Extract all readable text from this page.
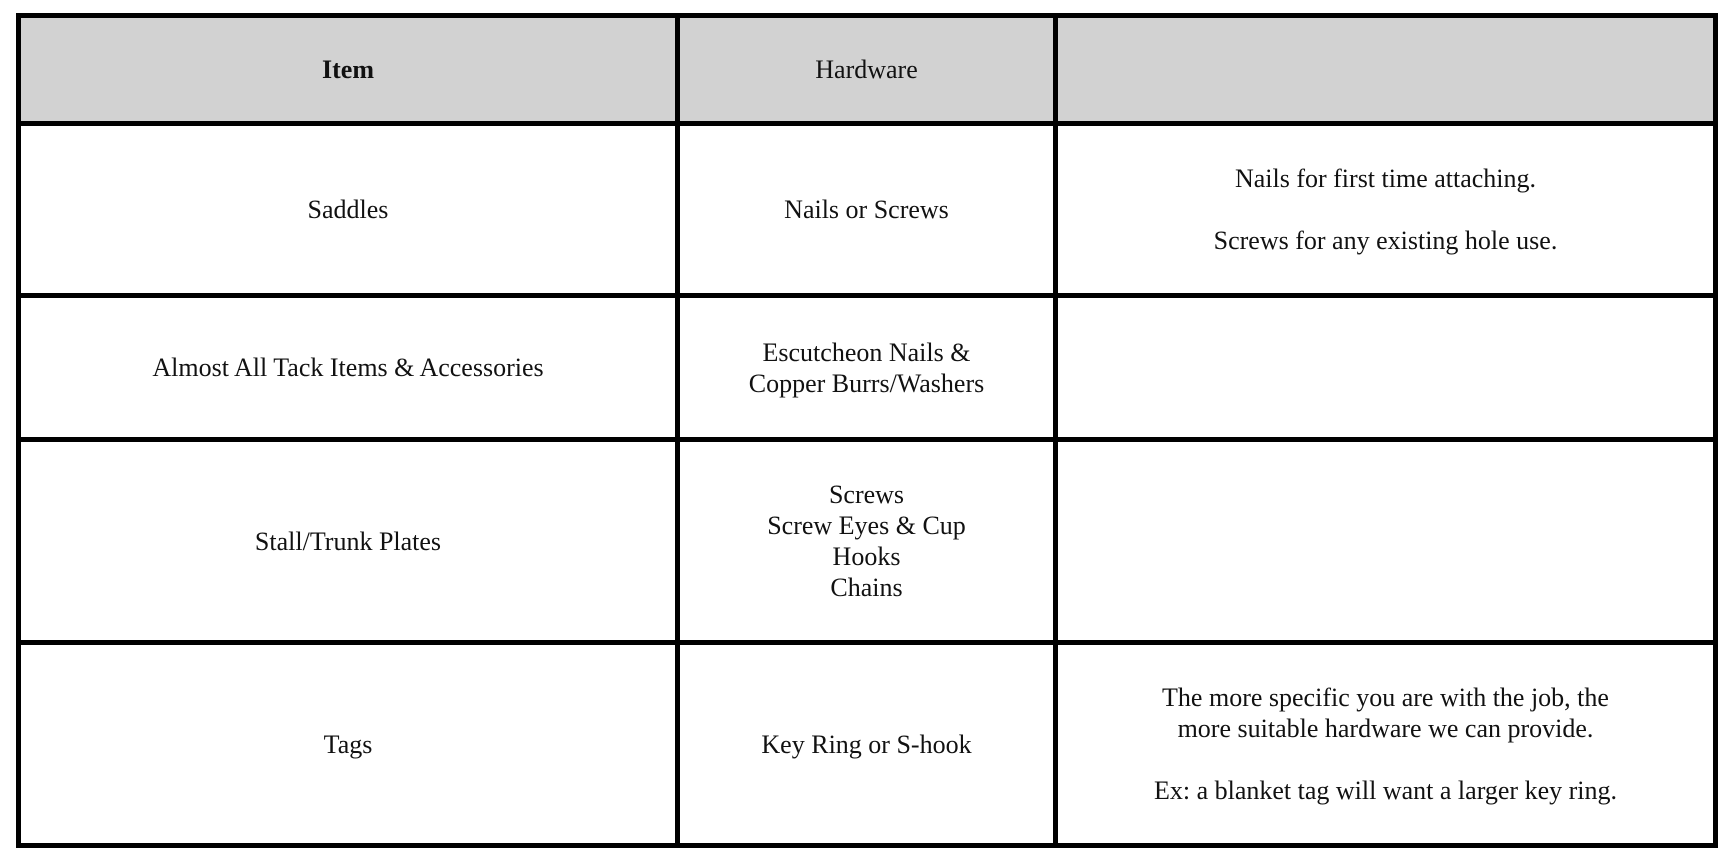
Item	Hardware	
Saddles	Nails or Screws	Nails for first time attaching.
Screws for any existing hole use.

Almost All Tack Items & Accessories	Escutcheon Nails &
Copper Burrs/Washers	

Stall/Trunk Plates	Screws
Screw Eyes & Cup
Hooks
Chains	

Tags	Key Ring or S-hook	The more specific you are with the job, the
more suitable hardware we can provide.
Ex: a blanket tag will want a larger key ring.
